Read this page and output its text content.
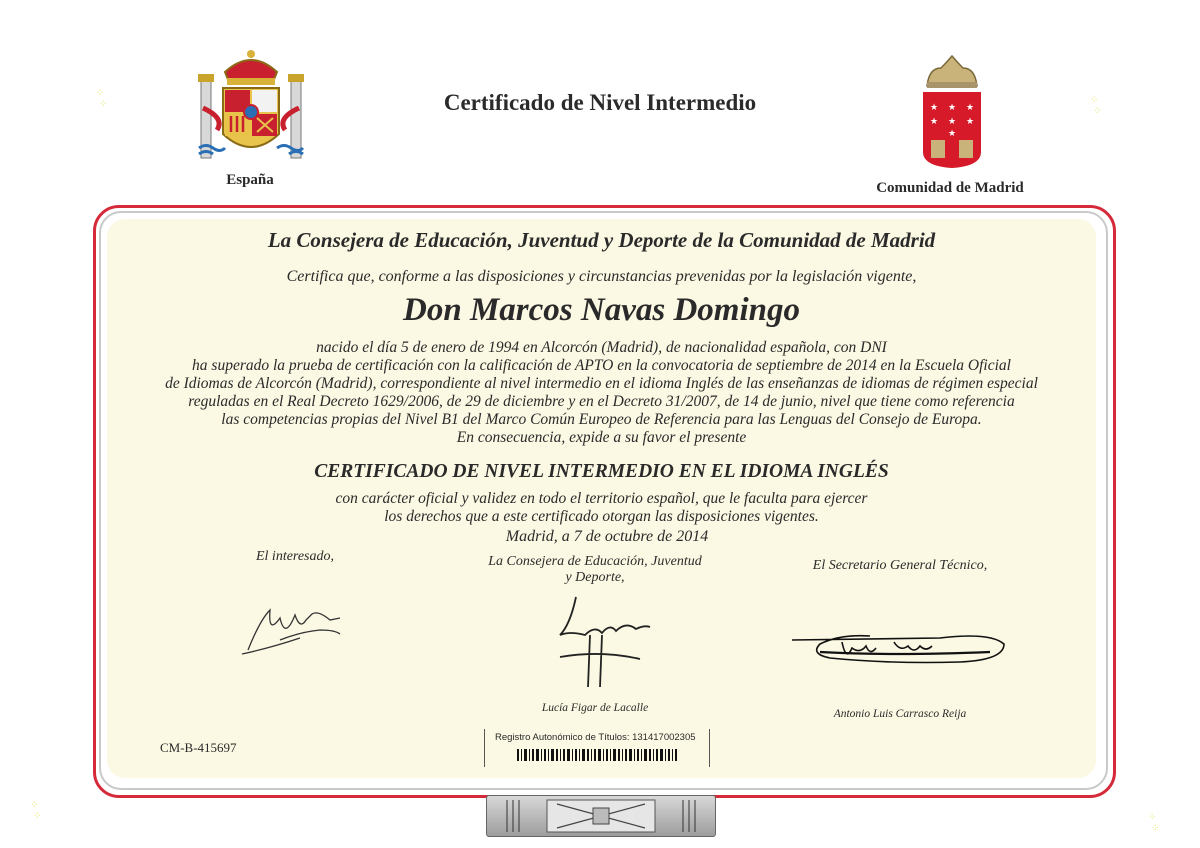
⁘
⁘	⁘
⁘
⁘
⁘	⁘
⁘
★ ★ ★
★ ★ ★
★
Certificado de Nivel Intermedio
España	Comunidad de Madrid
La Consejera de Educación, Juventud y Deporte de la Comunidad de Madrid
Certifica que, conforme a las disposiciones y circunstancias prevenidas por la legislación vigente,
Don Marcos Navas Domingo
nacido el día 5 de enero de 1994 en Alcorcón (Madrid), de nacionalidad española, con DNI
ha superado la prueba de certificación con la calificación de APTO en la convocatoria de septiembre de 2014 en la Escuela Oficial
de Idiomas de Alcorcón (Madrid), correspondiente al nivel intermedio en el idioma Inglés de las enseñanzas de idiomas de régimen especial
reguladas en el Real Decreto 1629/2006, de 29 de diciembre y en el Decreto 31/2007, de 14 de junio, nivel que tiene como referencia
las competencias propias del Nivel B1 del Marco Común Europeo de Referencia para las Lenguas del Consejo de Europa.
En consecuencia, expide a su favor el presente
CERTIFICADO DE NIVEL INTERMEDIO EN EL IDIOMA INGLÉS
con carácter oficial y validez en todo el territorio español, que le faculta para ejercer
los derechos que a este certificado otorgan las disposiciones vigentes.
Madrid, a 7 de octubre de 2014
El interesado,	La Consejera de Educación, Juventud
y Deporte,
El Secretario General Técnico,
Lucía Figar de Lacalle	Antonio Luis Carrasco Reija
CM-B-415697
Registro Autonómico de Títulos: 131417002305
